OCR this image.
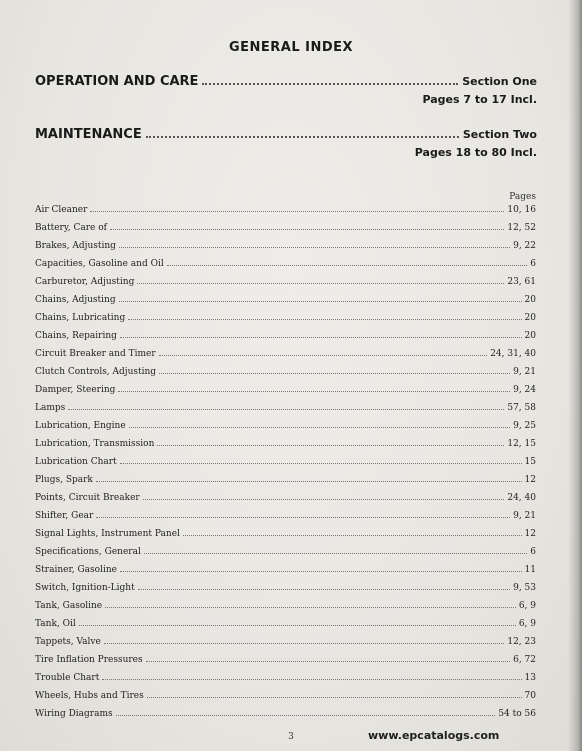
GENERAL INDEX
OPERATION AND CARE	Section One
Pages 7 to 17 Incl.
MAINTENANCE	Section Two
Pages 18 to 80 Incl.
Pages
Air Cleaner	10, 16
Battery, Care of	12, 52
Brakes, Adjusting	9, 22
Capacities, Gasoline and Oil	6
Carburetor, Adjusting	23, 61
Chains, Adjusting	20
Chains, Lubricating	20
Chains, Repairing	20
Circuit Breaker and Timer	24, 31, 40
Clutch Controls, Adjusting	9, 21
Damper, Steering	9, 24
Lamps	57, 58
Lubrication, Engine	9, 25
Lubrication, Transmission	12, 15
Lubrication Chart	15
Plugs, Spark	12
Points, Circuit Breaker	24, 40
Shifter, Gear	9, 21
Signal Lights, Instrument Panel	12
Specifications, General	6
Strainer, Gasoline	11
Switch, Ignition-Light	9, 53
Tank, Gasoline	6, 9
Tank, Oil	6, 9
Tappets, Valve	12, 23
Tire Inflation Pressures	6, 72
Trouble Chart	13
Wheels, Hubs and Tires	70
Wiring Diagrams	54 to 56
3	www.epcatalogs.com
